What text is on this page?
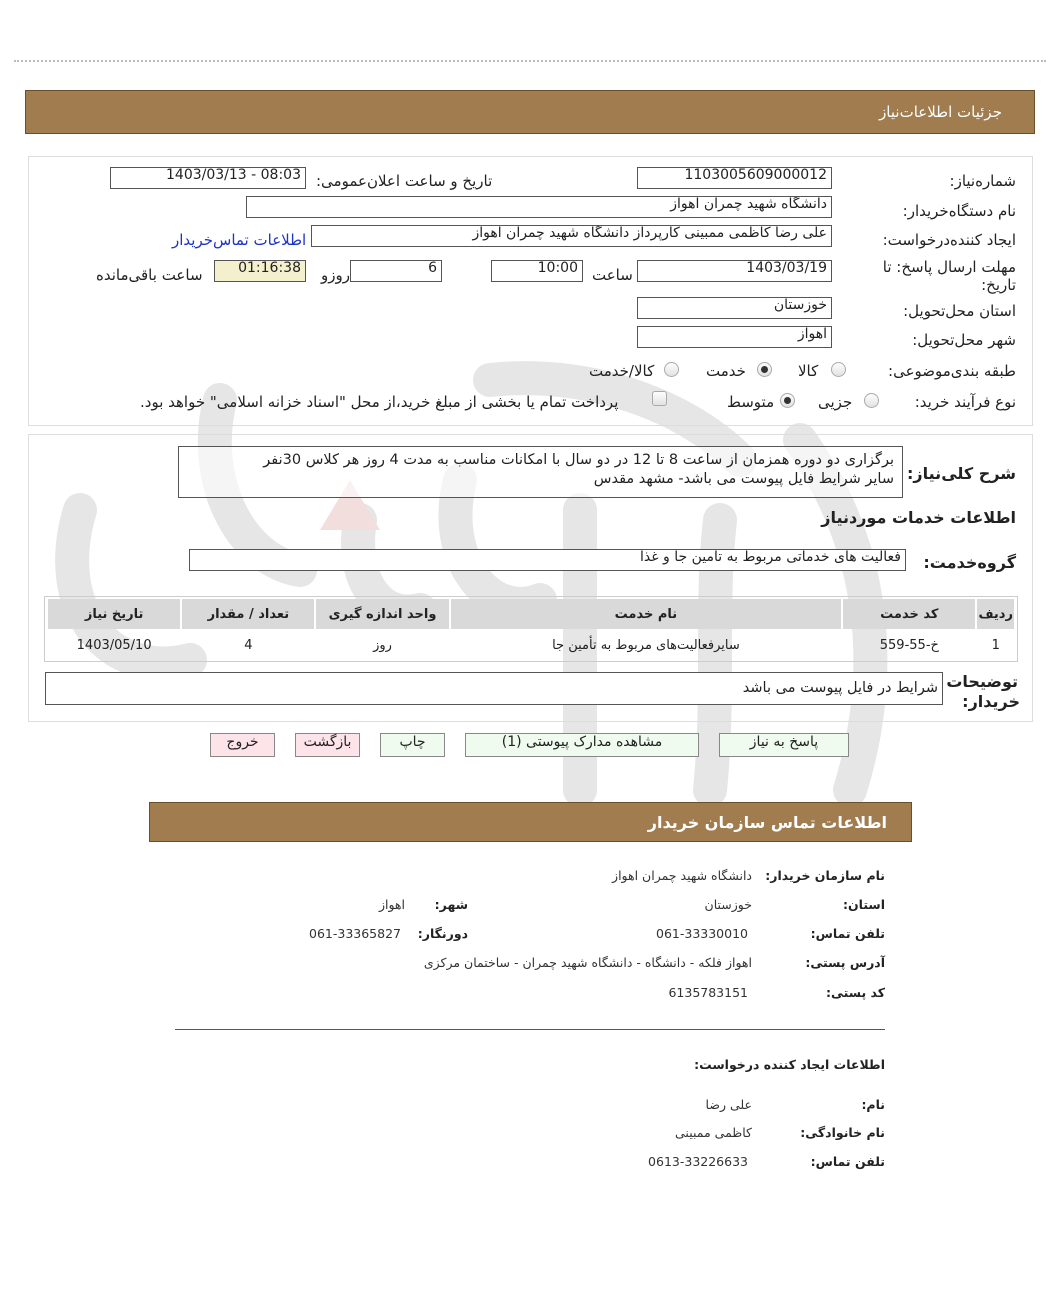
جزئیات اطلاعات‌نیاز
شماره‌نیاز:
1103005609000012
تاریخ و ساعت اعلان‌عمومی:
1403/03/13 - 08:03
نام دستگاه‌خریدار:
دانشگاه شهید چمران اهواز
ایجاد کننده‌درخواست:
علی رضا کاظمی ممبینی کارپرداز دانشگاه شهید چمران اهواز
اطلاعات تماس‌خریدار
مهلت ارسال پاسخ: تا
تاریخ:
1403/03/19
ساعت
10:00
6
روزو
01:16:38
ساعت باقی‌مانده
استان محل‌تحویل:
خوزستان
شهر محل‌تحویل:
اهواز
طبقه بندی‌موضوعی:
کالا
خدمت
کالا/خدمت
نوع فرآیند خرید:
جزیی
متوسط
پرداخت تمام یا بخشی از مبلغ خرید،از محل "اسناد خزانه اسلامی" خواهد بود.
شرح کلی‌نیاز:
برگزاری دو دوره همزمان از ساعت 8 تا 12 در دو سال با امکانات مناسب به مدت 4 روز هر کلاس 30نفر
سایر شرایط فایل پیوست می باشد- مشهد مقدس
اطلاعات خدمات موردنیاز
گروه‌خدمت:
فعالیت های خدماتی مربوط به تامین جا و غذا
ردیف	کد خدمت	نام خدمت	واحد اندازه گیری	تعداد / مقدار	تاریخ نیاز
1	خ-55-559	سایرفعالیت‌های مربوط به تأمین جا	روز	4	1403/05/10
توضیحات
خریدار:
شرایط در فایل پیوست می باشد
پاسخ به نیاز
مشاهده مدارک پیوستی (1)
چاپ
بازگشت
خروج
اطلاعات تماس سازمان خریدار
نام سازمان خریدار:
دانشگاه شهید چمران اهواز
استان:
خوزستان
شهر:
اهواز
تلفن تماس:
061-33330010
دورنگار:
061-33365827
آدرس پستی:
اهواز فلکه - دانشگاه - دانشگاه شهید چمران - ساختمان مرکزی
کد پستی:
6135783151
اطلاعات ایجاد کننده درخواست:
نام:
علی رضا
نام خانوادگی:
کاظمی ممبینی
تلفن تماس:
0613-33226633
